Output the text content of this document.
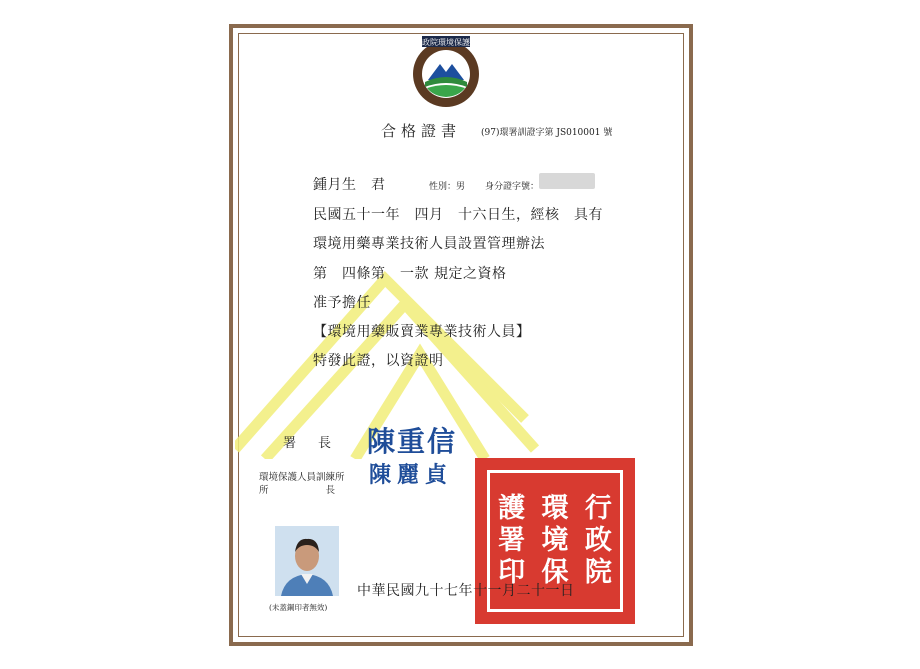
行政院環境保護署
合格證書 (97)環署訓證字第 JS010001 號
鍾月生　君	性別：男 身分證字號：
民國五十一年　四月　十六日生，經核　具有
環境用藥專業技術人員設置管理辦法
第　四條第　一款 規定之資格
准予擔任
【環境用藥販賣業專業技術人員】
特發此證，以資證明
署長 陳重信
環境保護人員訓練所
所　　　　　　長
陳麗貞
行
政
院
環
境
保
護
署
印
(未蓋鋼印者無效)
中華民國九十七年十一月二十一日
